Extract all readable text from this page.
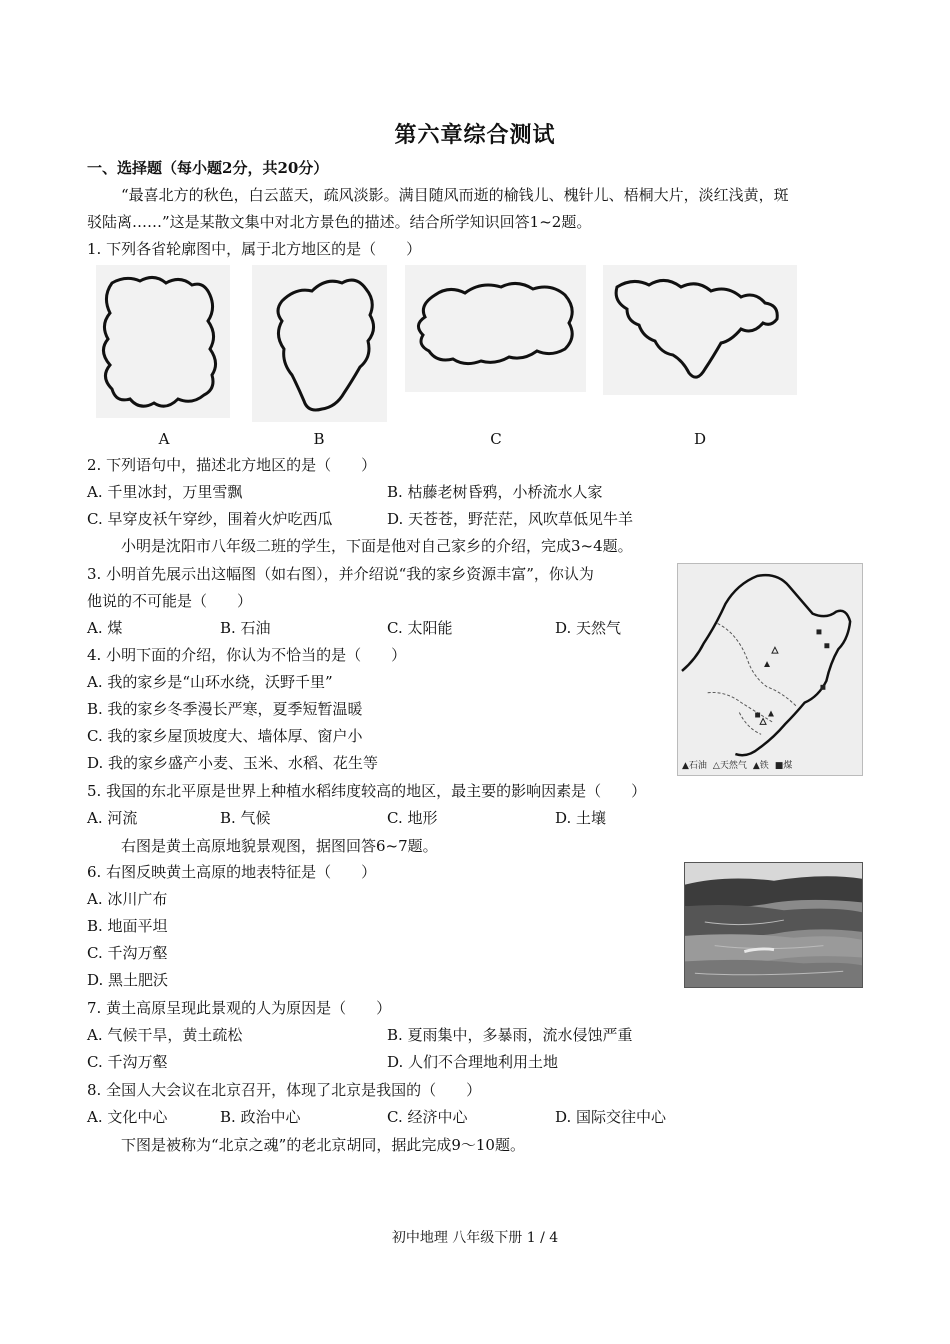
第六章综合测试
一、选择题（每小题2分，共20分）
“最喜北方的秋色，白云蓝天，疏风淡影。满目随风而逝的榆钱儿、槐针儿、梧桐大片，淡红浅黄，斑
驳陆离……”这是某散文集中对北方景色的描述。结合所学知识回答1~2题。
1. 下列各省轮廓图中，属于北方地区的是（　　）
A	B	C	D
2. 下列语句中，描述北方地区的是（　　）
A. 千里冰封，万里雪飘	B. 枯藤老树昏鸦，小桥流水人家
C. 早穿皮袄午穿纱，围着火炉吃西瓜	D. 天苍苍，野茫茫，风吹草低见牛羊
小明是沈阳市八年级二班的学生，下面是他对自己家乡的介绍，完成3~4题。
3. 小明首先展示出这幅图（如右图），并介绍说“我的家乡资源丰富”，你认为
他说的不可能是（　　）
A. 煤	B. 石油	C. 太阳能	D. 天然气
▲石油 △天然气 ▲铁 ■煤
4. 小明下面的介绍，你认为不恰当的是（　　）
A. 我的家乡是“山环水绕，沃野千里”
B. 我的家乡冬季漫长严寒，夏季短暂温暖
C. 我的家乡屋顶坡度大、墙体厚、窗户小
D. 我的家乡盛产小麦、玉米、水稻、花生等
5. 我国的东北平原是世界上种植水稻纬度较高的地区，最主要的影响因素是（　　）
A. 河流	B. 气候	C. 地形	D. 土壤
右图是黄土高原地貌景观图，据图回答6~7题。
6. 右图反映黄土高原的地表特征是（　　）
A. 冰川广布
B. 地面平坦
C. 千沟万壑
D. 黑土肥沃
7. 黄土高原呈现此景观的人为原因是（　　）
A. 气候干旱，黄土疏松	B. 夏雨集中，多暴雨，流水侵蚀严重
C. 千沟万壑	D. 人们不合理地利用土地
8. 全国人大会议在北京召开，体现了北京是我国的（　　）
A. 文化中心	B. 政治中心	C. 经济中心	D. 国际交往中心
下图是被称为“北京之魂”的老北京胡同，据此完成9～10题。
初中地理 八年级下册 1 / 4
